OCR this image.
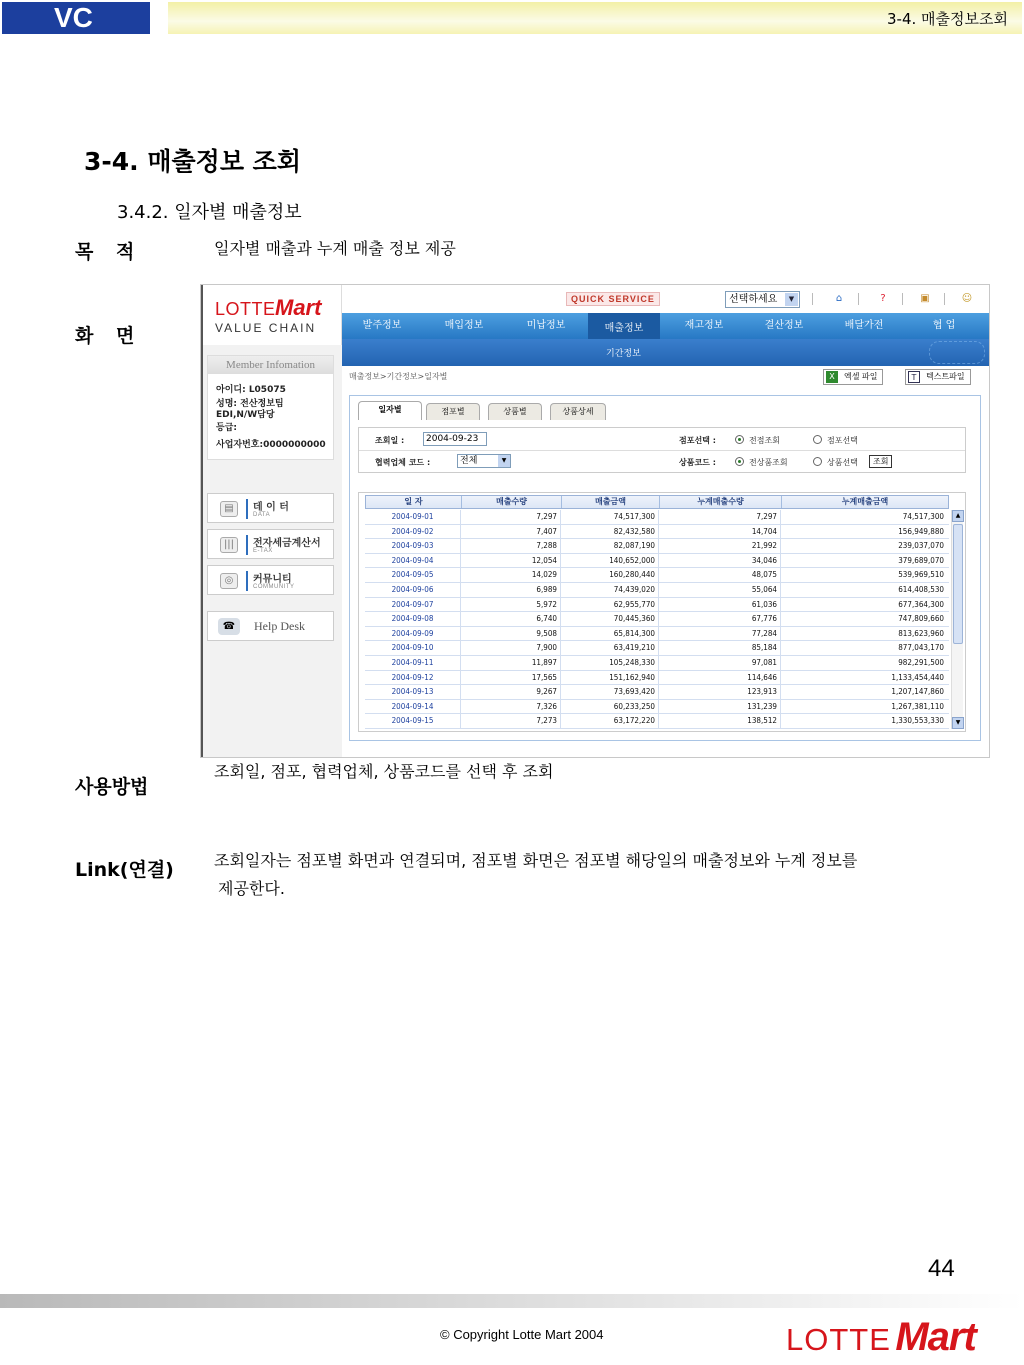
VC	3-4. 매출정보조회
3-4. 매출정보 조회
3.4.2. 일자별 매출정보
목 적	일자별 매출과 누계 매출 정보 제공
화 면
LOTTE Mart
VALUE CHAIN
QUICK SERVICE	선택하세요	▼	⌂	?	▣	☺
발주정보	매입정보	미납정보	매출정보	재고정보	결산정보	배달가전	협 업
기간정보
Member Infomation
아이디: L05075
성명: 전산정보팀
EDI,N/W담당
등급:
사업자번호:0000000000
▤	데 이 터
DATA
|||	전자세금계산서
E-TAX
◎	커뮤니티
COMMUNITY
☎	Help Desk
매출정보>기간정보>일자별	X	엑셀 파일	T	텍스트파일
일자별	점포별	상품별	상품상세
조회일 :	2004-09-23
협력업체 코드 :	전체	▼
점포선택 :	전점조회	점포선택
상품코드 :	전상품조회	상품선택	조회
일 자	매출수량	매출금액	누계매출수량	누계매출금액
2004-09-01	7,297	74,517,300	7,297	74,517,300
2004-09-02	7,407	82,432,580	14,704	156,949,880
2004-09-03	7,288	82,087,190	21,992	239,037,070
2004-09-04	12,054	140,652,000	34,046	379,689,070
2004-09-05	14,029	160,280,440	48,075	539,969,510
2004-09-06	6,989	74,439,020	55,064	614,408,530
2004-09-07	5,972	62,955,770	61,036	677,364,300
2004-09-08	6,740	70,445,360	67,776	747,809,660
2004-09-09	9,508	65,814,300	77,284	813,623,960
2004-09-10	7,900	63,419,210	85,184	877,043,170
2004-09-11	11,897	105,248,330	97,081	982,291,500
2004-09-12	17,565	151,162,940	114,646	1,133,454,440
2004-09-13	9,267	73,693,420	123,913	1,207,147,860
2004-09-14	7,326	60,233,250	131,239	1,267,381,110
2004-09-15	7,273	63,172,220	138,512	1,330,553,330
▲
▼
사용방법
조회일, 점포, 협력업체, 상품코드를 선택 후 조회
Link(연결)	조회일자는 점포별 화면과 연결되며, 점포별 화면은 점포별 해당일의 매출정보와 누계 정보를
제공한다.
44
© Copyright Lotte Mart 2004	LOTTE Mart
